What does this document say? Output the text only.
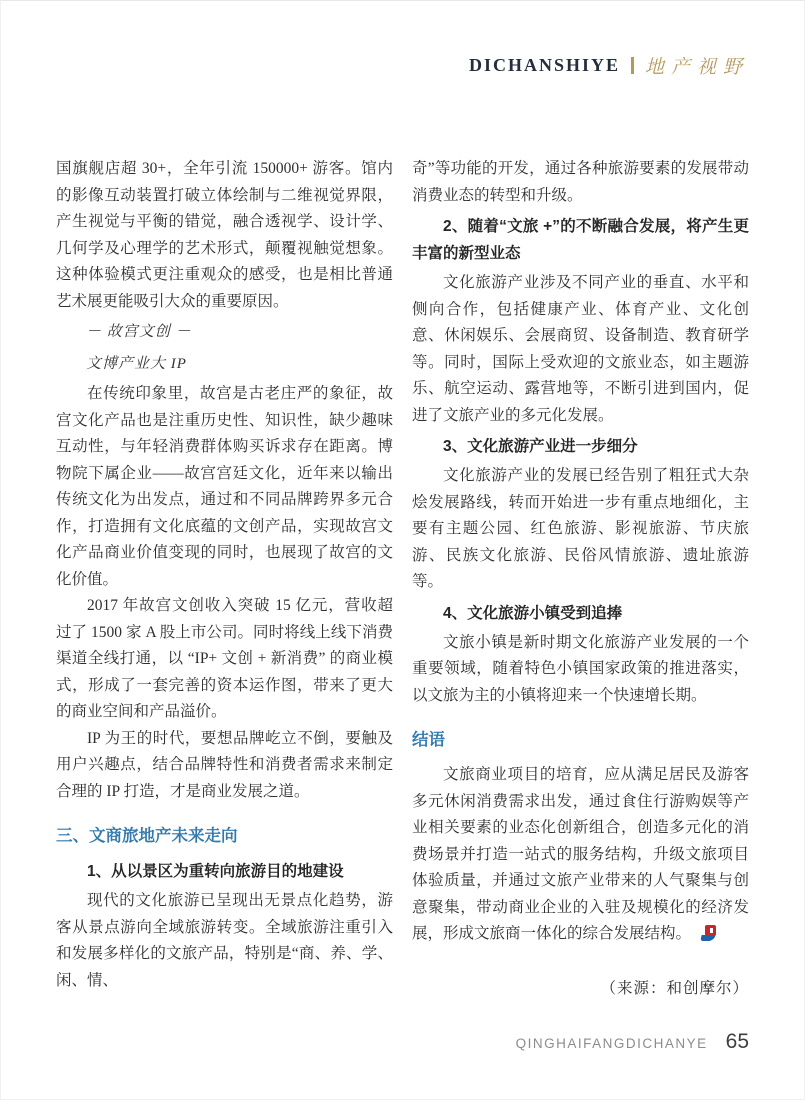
DICHANSHIYE 地产视野

国旗舰店超 30+，全年引流 150000+ 游客。馆内的影像互动装置打破立体绘制与二维视觉界限，产生视觉与平衡的错觉，融合透视学、设计学、几何学及心理学的艺术形式，颠覆视触觉想象。这种体验模式更注重观众的感受，也是相比普通艺术展更能吸引大众的重要原因。

－ 故宫文创 －

文博产业大 IP

在传统印象里，故宫是古老庄严的象征，故宫文化产品也是注重历史性、知识性，缺少趣味互动性，与年轻消费群体购买诉求存在距离。博物院下属企业——故宫宫廷文化，近年来以输出传统文化为出发点，通过和不同品牌跨界多元合作，打造拥有文化底蕴的文创产品，实现故宫文化产品商业价值变现的同时，也展现了故宫的文化价值。

2017 年故宫文创收入突破 15 亿元，营收超过了 1500 家 A 股上市公司。同时将线上线下消费渠道全线打通，以 “IP+ 文创 + 新消费” 的商业模式，形成了一套完善的资本运作图，带来了更大的商业空间和产品溢价。

IP 为王的时代，要想品牌屹立不倒，要触及用户兴趣点，结合品牌特性和消费者需求来制定合理的 IP 打造，才是商业发展之道。

三、文商旅地产未来走向

1、从以景区为重转向旅游目的地建设

现代的文化旅游已呈现出无景点化趋势，游客从景点游向全域旅游转变。全域旅游注重引入和发展多样化的文旅产品，特别是“商、养、学、闲、情、

奇”等功能的开发，通过各种旅游要素的发展带动消费业态的转型和升级。

2、随着“文旅 +”的不断融合发展，将产生更丰富的新型业态

文化旅游产业涉及不同产业的垂直、水平和侧向合作，包括健康产业、体育产业、文化创意、休闲娱乐、会展商贸、设备制造、教育研学等。同时，国际上受欢迎的文旅业态，如主题游乐、航空运动、露营地等，不断引进到国内，促进了文旅产业的多元化发展。

3、文化旅游产业进一步细分

文化旅游产业的发展已经告别了粗狂式大杂烩发展路线，转而开始进一步有重点地细化，主要有主题公园、红色旅游、影视旅游、节庆旅游、民族文化旅游、民俗风情旅游、遗址旅游等。

4、文化旅游小镇受到追捧

文旅小镇是新时期文化旅游产业发展的一个重要领域，随着特色小镇国家政策的推进落实，以文旅为主的小镇将迎来一个快速增长期。

结语

文旅商业项目的培育，应从满足居民及游客多元休闲消费需求出发，通过食住行游购娱等产业相关要素的业态化创新组合，创造多元化的消费场景并打造一站式的服务结构，升级文旅项目体验质量，并通过文旅产业带来的人气聚集与创意聚集，带动商业企业的入驻及规模化的经济发展，形成文旅商一体化的综合发展结构。

（来源：和创摩尔）

QINGHAIFANGDICHANYE 65
